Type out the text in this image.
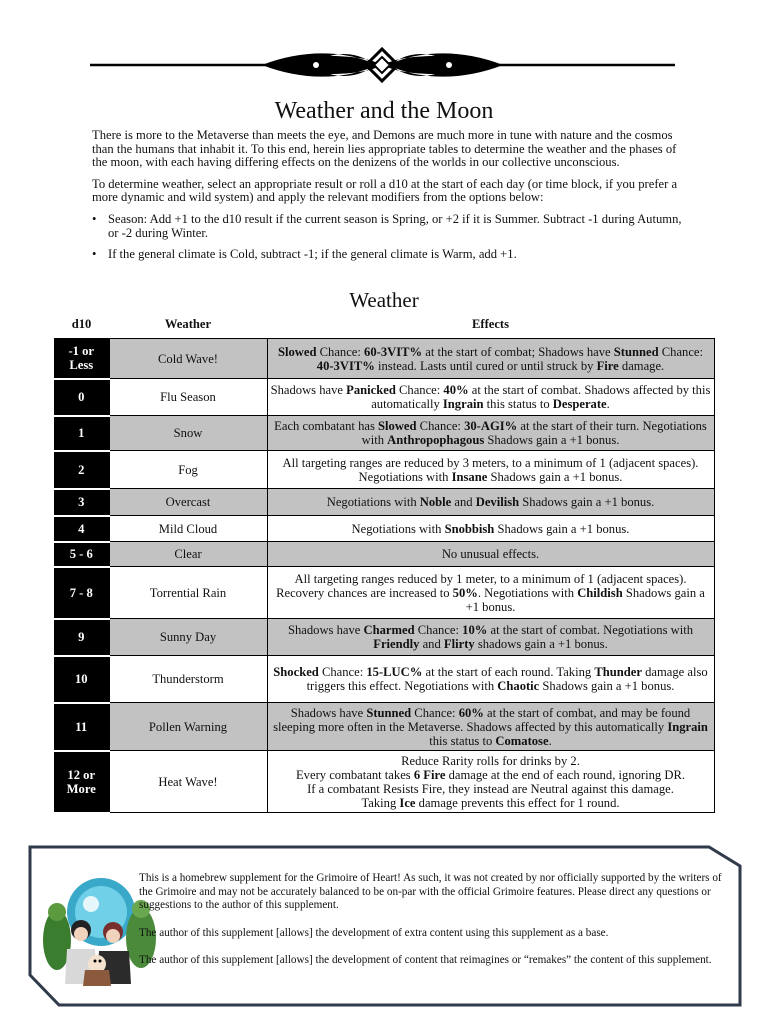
Weather and the Moon

There is more to the Metaverse than meets the eye, and Demons are much more in tune with nature and the cosmos than the humans that inhabit it. To this end, herein lies appropriate tables to determine the weather and the phases of the moon, with each having differing effects on the denizens of the worlds in our collective unconscious.

To determine weather, select an appropriate result or roll a d10 at the start of each day (or time block, if you prefer a more dynamic and wild system) and apply the relevant modifiers from the options below:

• Season: Add +1 to the d10 result if the current season is Spring, or +2 if it is Summer. Subtract -1 during Autumn, or -2 during Winter.
• If the general climate is Cold, subtract -1; if the general climate is Warm, add +1.
Weather
d10	Weather	Effects
-1 or Less	Cold Wave!	Slowed Chance: 60-3VIT% at the start of combat; Shadows have Stunned Chance: 40-3VIT% instead. Lasts until cured or until struck by Fire damage.
0	Flu Season	Shadows have Panicked Chance: 40% at the start of combat. Shadows affected by this automatically Ingrain this status to Desperate.
1	Snow	Each combatant has Slowed Chance: 30-AGI% at the start of their turn. Negotiations with Anthropophagous Shadows gain a +1 bonus.
2	Fog	All targeting ranges are reduced by 3 meters, to a minimum of 1 (adjacent spaces). Negotiations with Insane Shadows gain a +1 bonus.
3	Overcast	Negotiations with Noble and Devilish Shadows gain a +1 bonus.
4	Mild Cloud	Negotiations with Snobbish Shadows gain a +1 bonus.
5 - 6	Clear	No unusual effects.
7 - 8	Torrential Rain	All targeting ranges reduced by 1 meter, to a minimum of 1 (adjacent spaces). Recovery chances are increased to 50%. Negotiations with Childish Shadows gain a +1 bonus.
9	Sunny Day	Shadows have Charmed Chance: 10% at the start of combat. Negotiations with Friendly and Flirty shadows gain a +1 bonus.
10	Thunderstorm	Shocked Chance: 15-LUC% at the start of each round. Taking Thunder damage also triggers this effect. Negotiations with Chaotic Shadows gain a +1 bonus.
11	Pollen Warning	Shadows have Stunned Chance: 60% at the start of combat, and may be found sleeping more often in the Metaverse. Shadows affected by this automatically Ingrain this status to Comatose.
12 or More	Heat Wave!	Reduce Rarity rolls for drinks by 2.
Every combatant takes 6 Fire damage at the end of each round, ignoring DR.
If a combatant Resists Fire, they instead are Neutral against this damage.
Taking Ice damage prevents this effect for 1 round.

This is a homebrew supplement for the Grimoire of Heart! As such, it was not created by nor officially supported by the writers of the Grimoire and may not be accurately balanced to be on-par with the official Grimoire features. Please direct any questions or suggestions to the author of this supplement.

The author of this supplement [allows] the development of extra content using this supplement as a base.

The author of this supplement [allows] the development of content that reimagines or “remakes” the content of this supplement.
